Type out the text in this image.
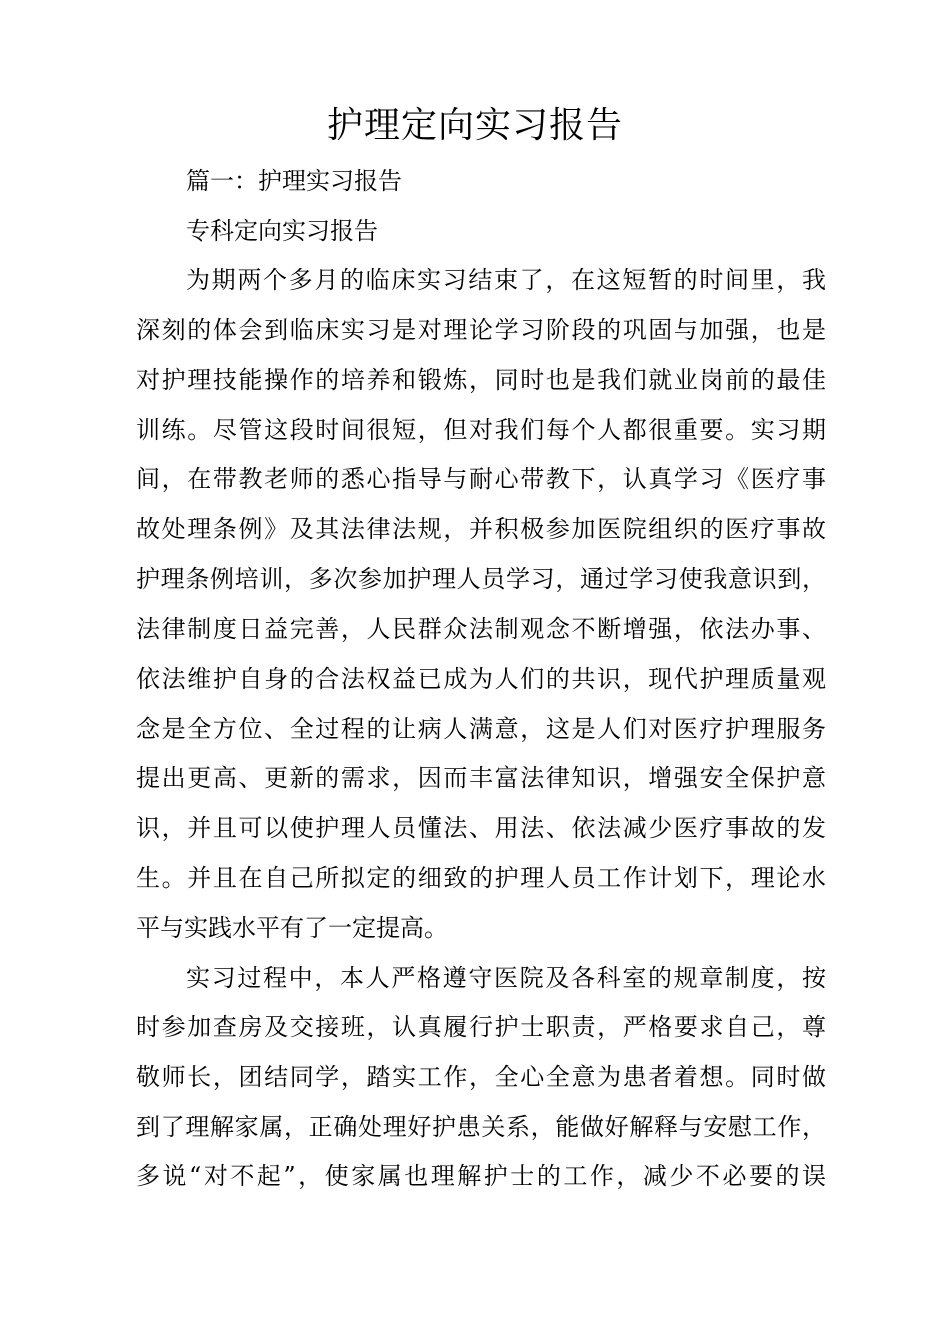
护理定向实习报告
篇一：护理实习报告
专科定向实习报告
为期两个多月的临床实习结束了，在这短暂的时间里，我
深刻的体会到临床实习是对理论学习阶段的巩固与加强，也是
对护理技能操作的培养和锻炼，同时也是我们就业岗前的最佳
训练。尽管这段时间很短，但对我们每个人都很重要。实习期
间，在带教老师的悉心指导与耐心带教下，认真学习《医疗事
故处理条例》及其法律法规，并积极参加医院组织的医疗事故
护理条例培训，多次参加护理人员学习，通过学习使我意识到，
法律制度日益完善，人民群众法制观念不断增强，依法办事、
依法维护自身的合法权益已成为人们的共识，现代护理质量观
念是全方位、全过程的让病人满意，这是人们对医疗护理服务
提出更高、更新的需求，因而丰富法律知识，增强安全保护意
识，并且可以使护理人员懂法、用法、依法减少医疗事故的发
生。并且在自己所拟定的细致的护理人员工作计划下，理论水
平与实践水平有了一定提高。
实习过程中，本人严格遵守医院及各科室的规章制度，按
时参加查房及交接班，认真履行护士职责，严格要求自己，尊
敬师长，团结同学，踏实工作，全心全意为患者着想。同时做
到了理解家属，正确处理好护患关系，能做好解释与安慰工作，
多说“对不起”，使家属也理解护士的工作，减少不必要的误
